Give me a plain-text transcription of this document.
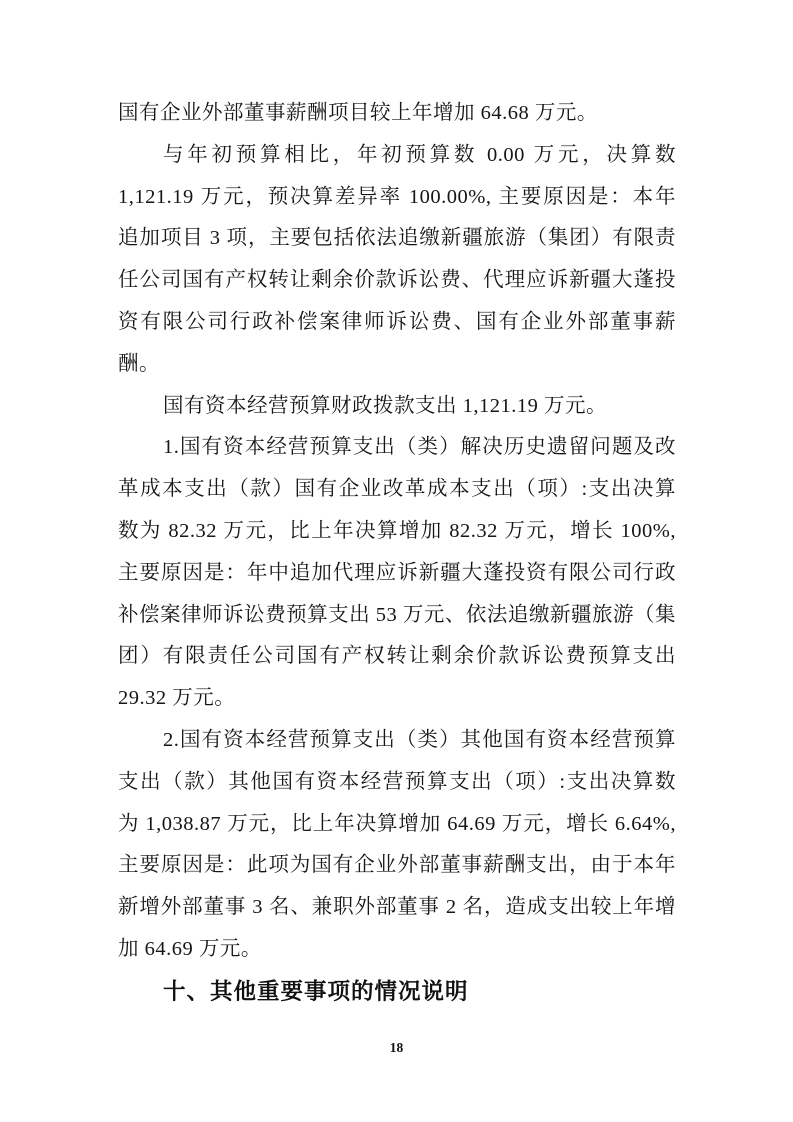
国有企业外部董事薪酬项目较上年增加 64.68 万元。
与年初预算相比，年初预算数 0.00 万元，决算数
1,121.19 万元，预决算差异率 100.00%, 主要原因是：本年
追加项目 3 项，主要包括依法追缴新疆旅游（集团）有限责
任公司国有产权转让剩余价款诉讼费、代理应诉新疆大蓬投
资有限公司行政补偿案律师诉讼费、国有企业外部董事薪
酬。
国有资本经营预算财政拨款支出 1,121.19 万元。
1.国有资本经营预算支出（类）解决历史遗留问题及改
革成本支出（款）国有企业改革成本支出（项）:支出决算
数为 82.32 万元，比上年决算增加 82.32 万元，增长 100%,
主要原因是：年中追加代理应诉新疆大蓬投资有限公司行政
补偿案律师诉讼费预算支出 53 万元、依法追缴新疆旅游（集
团）有限责任公司国有产权转让剩余价款诉讼费预算支出
29.32 万元。
2.国有资本经营预算支出（类）其他国有资本经营预算
支出（款）其他国有资本经营预算支出（项）:支出决算数
为 1,038.87 万元，比上年决算增加 64.69 万元，增长 6.64%,
主要原因是：此项为国有企业外部董事薪酬支出，由于本年
新增外部董事 3 名、兼职外部董事 2 名，造成支出较上年增
加 64.69 万元。
十、其他重要事项的情况说明
18
